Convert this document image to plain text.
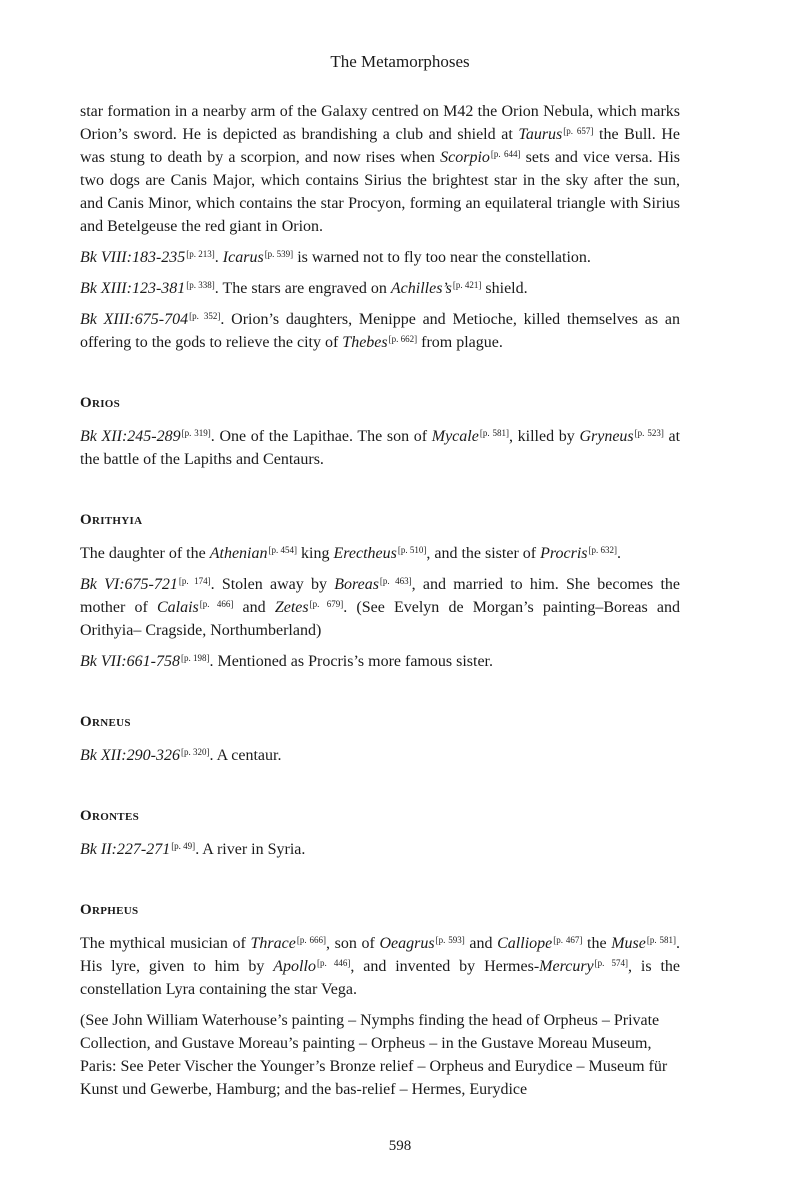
The Metamorphoses

star formation in a nearby arm of the Galaxy centred on M42 the Orion Nebula, which marks Orion’s sword. He is depicted as brandishing a club and shield at Taurus[p. 657] the Bull. He was stung to death by a scorpion, and now rises when Scorpio[p. 644] sets and vice versa. His two dogs are Canis Major, which contains Sirius the brightest star in the sky after the sun, and Canis Minor, which contains the star Procyon, forming an equilateral triangle with Sirius and Betelgeuse the red giant in Orion.

Bk VIII:183-235[p. 213]. Icarus[p. 539] is warned not to fly too near the constellation.

Bk XIII:123-381[p. 338]. The stars are engraved on Achilles’s[p. 421] shield.

Bk XIII:675-704[p. 352]. Orion’s daughters, Menippe and Metioche, killed themselves as an offering to the gods to relieve the city of Thebes[p. 662] from plague.

Orios

Bk XII:245-289[p. 319]. One of the Lapithae. The son of Mycale[p. 581], killed by Gryneus[p. 523] at the battle of the Lapiths and Centaurs.

Orithyia

The daughter of the Athenian[p. 454] king Erectheus[p. 510], and the sister of Procris[p. 632].

Bk VI:675-721[p. 174]. Stolen away by Boreas[p. 463], and married to him. She becomes the mother of Calais[p. 466] and Zetes[p. 679]. (See Evelyn de Morgan’s painting–Boreas and Orithyia– Cragside, Northumberland)

Bk VII:661-758[p. 198]. Mentioned as Procris’s more famous sister.

Orneus

Bk XII:290-326[p. 320]. A centaur.

Orontes

Bk II:227-271[p. 49]. A river in Syria.

Orpheus

The mythical musician of Thrace[p. 666], son of Oeagrus[p. 593] and Calliope[p. 467] the Muse[p. 581]. His lyre, given to him by Apollo[p. 446], and invented by Hermes-Mercury[p. 574], is the constellation Lyra containing the star Vega.

(See John William Waterhouse’s painting – Nymphs finding the head of Orpheus – Private Collection, and Gustave Moreau’s painting – Orpheus – in the Gustave Moreau Museum, Paris: See Peter Vischer the Younger’s Bronze relief – Orpheus and Eurydice – Museum für Kunst und Gewerbe, Hamburg; and the bas-relief – Hermes, Eurydice

598
